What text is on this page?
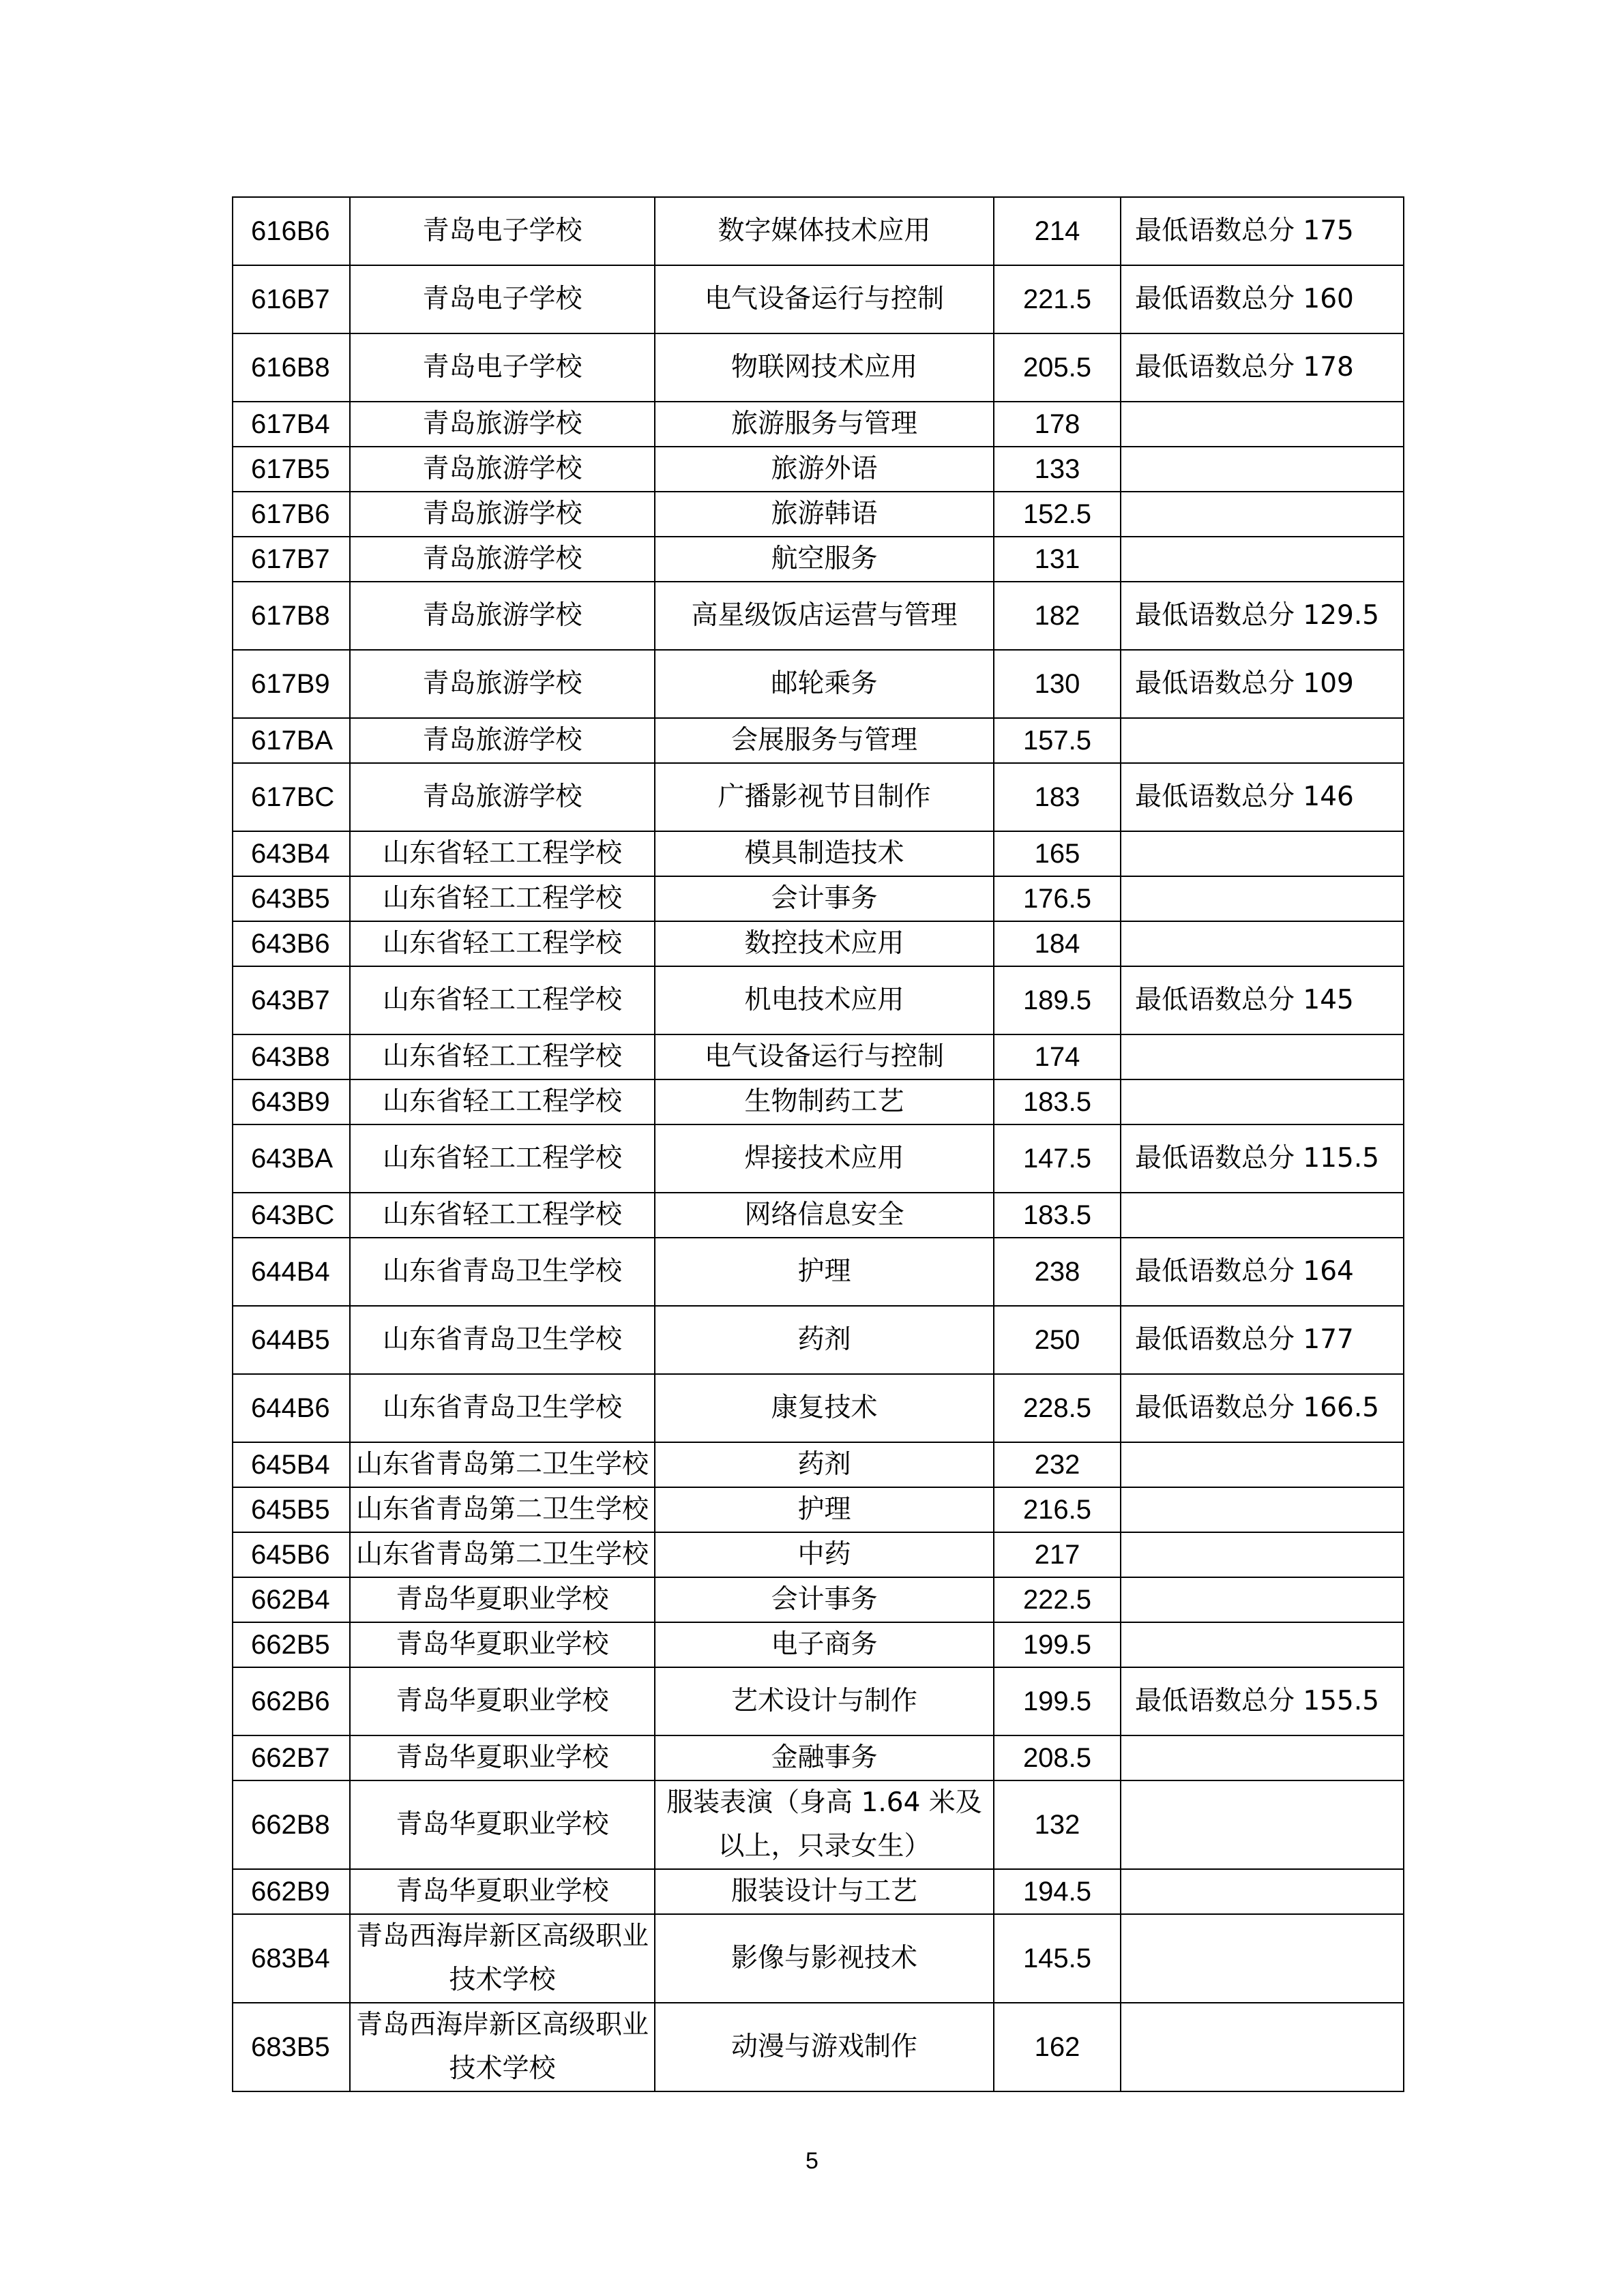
616B6	青岛电子学校	数字媒体技术应用	214	最低语数总分 175
616B7	青岛电子学校	电气设备运行与控制	221.5	最低语数总分 160
616B8	青岛电子学校	物联网技术应用	205.5	最低语数总分 178
617B4	青岛旅游学校	旅游服务与管理	178	
617B5	青岛旅游学校	旅游外语	133	
617B6	青岛旅游学校	旅游韩语	152.5	
617B7	青岛旅游学校	航空服务	131	
617B8	青岛旅游学校	高星级饭店运营与管理	182	最低语数总分 129.5
617B9	青岛旅游学校	邮轮乘务	130	最低语数总分 109
617BA	青岛旅游学校	会展服务与管理	157.5	
617BC	青岛旅游学校	广播影视节目制作	183	最低语数总分 146
643B4	山东省轻工工程学校	模具制造技术	165	
643B5	山东省轻工工程学校	会计事务	176.5	
643B6	山东省轻工工程学校	数控技术应用	184	
643B7	山东省轻工工程学校	机电技术应用	189.5	最低语数总分 145
643B8	山东省轻工工程学校	电气设备运行与控制	174	
643B9	山东省轻工工程学校	生物制药工艺	183.5	
643BA	山东省轻工工程学校	焊接技术应用	147.5	最低语数总分 115.5
643BC	山东省轻工工程学校	网络信息安全	183.5	
644B4	山东省青岛卫生学校	护理	238	最低语数总分 164
644B5	山东省青岛卫生学校	药剂	250	最低语数总分 177
644B6	山东省青岛卫生学校	康复技术	228.5	最低语数总分 166.5
645B4	山东省青岛第二卫生学校	药剂	232	
645B5	山东省青岛第二卫生学校	护理	216.5	
645B6	山东省青岛第二卫生学校	中药	217	
662B4	青岛华夏职业学校	会计事务	222.5	
662B5	青岛华夏职业学校	电子商务	199.5	
662B6	青岛华夏职业学校	艺术设计与制作	199.5	最低语数总分 155.5
662B7	青岛华夏职业学校	金融事务	208.5	
662B8	青岛华夏职业学校	服装表演（身高 1.64 米及以上，只录女生）	132	
662B9	青岛华夏职业学校	服装设计与工艺	194.5	
683B4	青岛西海岸新区高级职业技术学校	影像与影视技术	145.5	
683B5	青岛西海岸新区高级职业技术学校	动漫与游戏制作	162	
5
